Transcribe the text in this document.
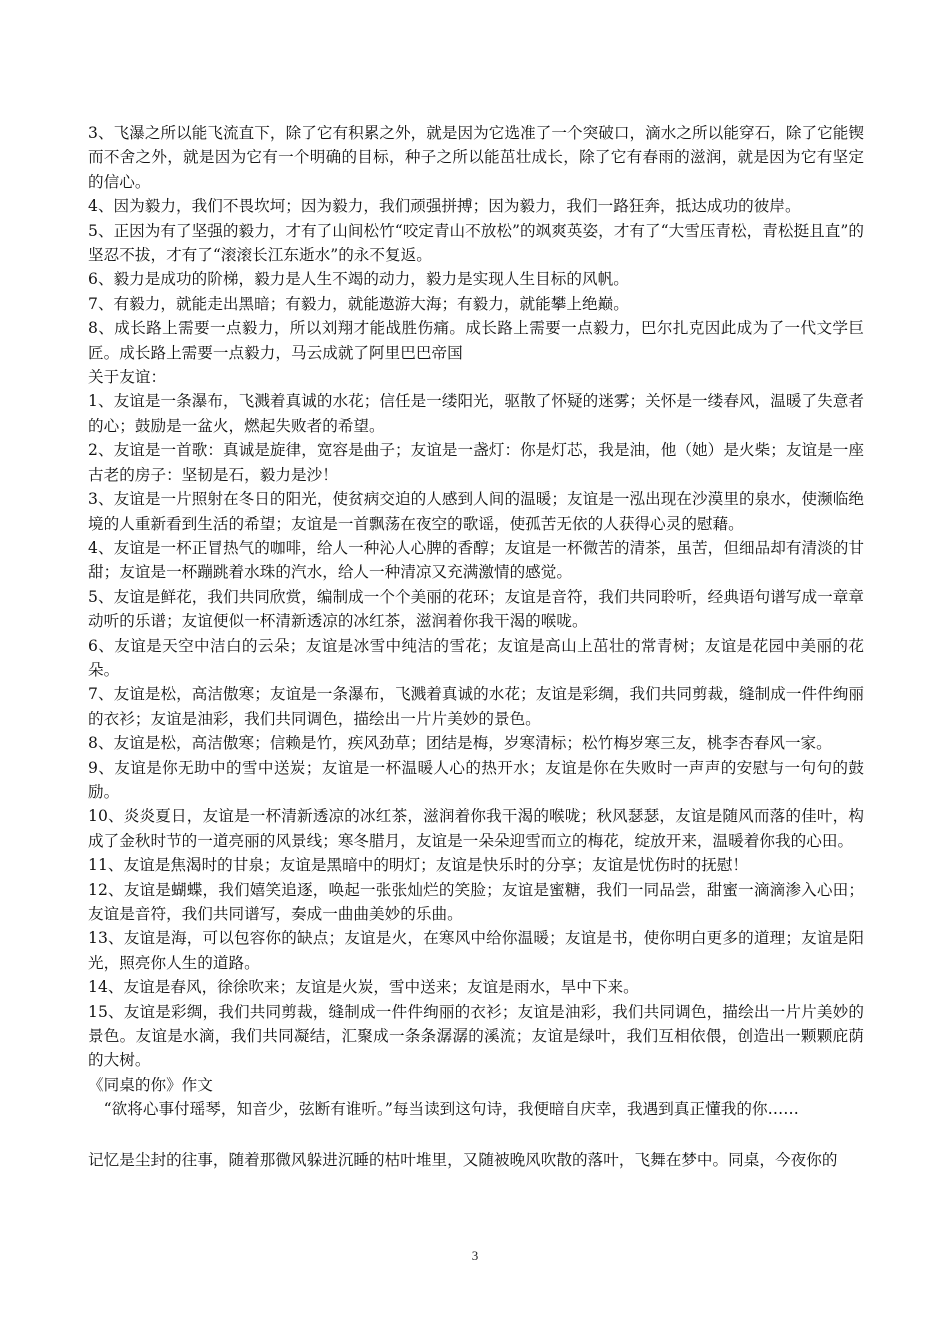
3、飞瀑之所以能飞流直下，除了它有积累之外，就是因为它选准了一个突破口，滴水之所以能穿石，除了它能锲而不舍之外，就是因为它有一个明确的目标，种子之所以能茁壮成长，除了它有春雨的滋润，就是因为它有坚定的信心。

4、因为毅力，我们不畏坎坷；因为毅力，我们顽强拼搏；因为毅力，我们一路狂奔，抵达成功的彼岸。

5、正因为有了坚强的毅力，才有了山间松竹“咬定青山不放松”的飒爽英姿，才有了“大雪压青松，青松挺且直”的坚忍不拔，才有了“滚滚长江东逝水”的永不复返。

6、毅力是成功的阶梯，毅力是人生不竭的动力，毅力是实现人生目标的风帆。

7、有毅力，就能走出黑暗；有毅力，就能遨游大海；有毅力，就能攀上绝巅。

8、成长路上需要一点毅力，所以刘翔才能战胜伤痛。成长路上需要一点毅力，巴尔扎克因此成为了一代文学巨匠。成长路上需要一点毅力，马云成就了阿里巴巴帝国

关于友谊：

1、友谊是一条瀑布，飞溅着真诚的水花；信任是一缕阳光，驱散了怀疑的迷雾；关怀是一缕春风，温暖了失意者的心；鼓励是一盆火，燃起失败者的希望。

2、友谊是一首歌：真诚是旋律，宽容是曲子；友谊是一盏灯：你是灯芯，我是油，他（她）是火柴；友谊是一座古老的房子：坚韧是石，毅力是沙！

3、友谊是一片照射在冬日的阳光，使贫病交迫的人感到人间的温暖；友谊是一泓出现在沙漠里的泉水，使濒临绝境的人重新看到生活的希望；友谊是一首飘荡在夜空的歌谣，使孤苦无依的人获得心灵的慰藉。

4、友谊是一杯正冒热气的咖啡，给人一种沁人心脾的香醇；友谊是一杯微苦的清茶，虽苦，但细品却有清淡的甘甜；友谊是一杯蹦跳着水珠的汽水，给人一种清凉又充满激情的感觉。

5、友谊是鲜花，我们共同欣赏，编制成一个个美丽的花环；友谊是音符，我们共同聆听，经典语句谱写成一章章动听的乐谱；友谊便似一杯清新透凉的冰红茶，滋润着你我干渴的喉咙。

6、友谊是天空中洁白的云朵；友谊是冰雪中纯洁的雪花；友谊是高山上茁壮的常青树；友谊是花园中美丽的花朵。

7、友谊是松，高洁傲寒；友谊是一条瀑布，飞溅着真诚的水花；友谊是彩绸，我们共同剪裁，缝制成一件件绚丽的衣衫；友谊是油彩，我们共同调色，描绘出一片片美妙的景色。

8、友谊是松，高洁傲寒；信赖是竹，疾风劲草；团结是梅，岁寒清标；松竹梅岁寒三友，桃李杏春风一家。

9、友谊是你无助中的雪中送炭；友谊是一杯温暖人心的热开水；友谊是你在失败时一声声的安慰与一句句的鼓励。

10、炎炎夏日，友谊是一杯清新透凉的冰红茶，滋润着你我干渴的喉咙；秋风瑟瑟，友谊是随风而落的佳叶，构成了金秋时节的一道亮丽的风景线；寒冬腊月，友谊是一朵朵迎雪而立的梅花，绽放开来，温暖着你我的心田。

11、友谊是焦渴时的甘泉；友谊是黑暗中的明灯；友谊是快乐时的分享；友谊是忧伤时的抚慰！

12、友谊是蝴蝶，我们嬉笑追逐，唤起一张张灿烂的笑脸；友谊是蜜糖，我们一同品尝，甜蜜一滴滴渗入心田；友谊是音符，我们共同谱写，奏成一曲曲美妙的乐曲。

13、友谊是海，可以包容你的缺点；友谊是火，在寒风中给你温暖；友谊是书，使你明白更多的道理；友谊是阳光，照亮你人生的道路。

14、友谊是春风，徐徐吹来；友谊是火炭，雪中送来；友谊是雨水，旱中下来。

15、友谊是彩绸，我们共同剪裁，缝制成一件件绚丽的衣衫；友谊是油彩，我们共同调色，描绘出一片片美妙的景色。友谊是水滴，我们共同凝结，汇聚成一条条潺潺的溪流；友谊是绿叶，我们互相依偎，创造出一颗颗庇荫的大树。

《同桌的你》作文

　“欲将心事付瑶琴，知音少，弦断有谁听。”每当读到这句诗，我便暗自庆幸，我遇到真正懂我的你……

记忆是尘封的往事，随着那微风躲进沉睡的枯叶堆里，又随被晚风吹散的落叶，飞舞在梦中。同桌，今夜你的

3
